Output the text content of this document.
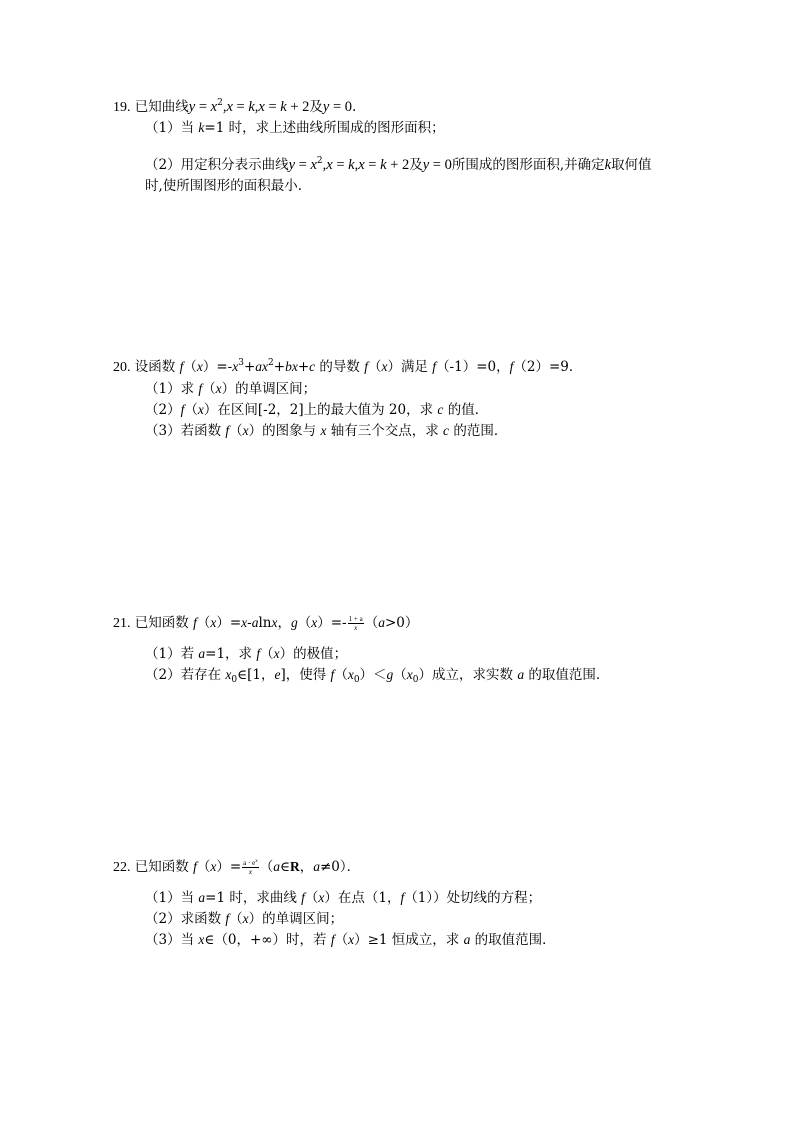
19. 已知曲线$y = x^2,x = k,x = k + 2$及y = 0.
（1）当 k=1 时，求上述曲线所围成的图形面积；
（2）用定积分表示曲线$y = x^2,x = k,x = k + 2$及y = 0所围成的图形面积,并确定k取何值
时,使所围图形的面积最小.
20. 设函数 $f(x)=-x^3+ax^2+bx+c$ 的导数 f（x）满足 f（-1）=0，f（2）=9．
（1）求 f（x）的单调区间；
（2）f（x）在区间[-2，2]上的最大值为 20，求 c 的值．
（3）若函数 f（x）的图象与 x 轴有三个交点，求 c 的范围．
21. 已知函数 f（x）=x-alnx，$g(x)=- \frac{1 + a}{x} (a>0)$
（1）若 a=1，求 f（x）的极值；
（2）若存在 $x_0\in[1$，e]，使得 $f(x_0)<g(x_0)$成立，求实数 a 的取值范围．
22. 已知函数 $f(x)= \frac{a \cdot e^x}{x}$ （a∈R，a≠0）．
（1）当 a=1 时，求曲线 f（x）在点（1，f（1））处切线的方程；
（2）求函数 f（x）的单调区间；
（3）当 x∈（0，+∞）时，若 f（x）≥1 恒成立，求 a 的取值范围．
